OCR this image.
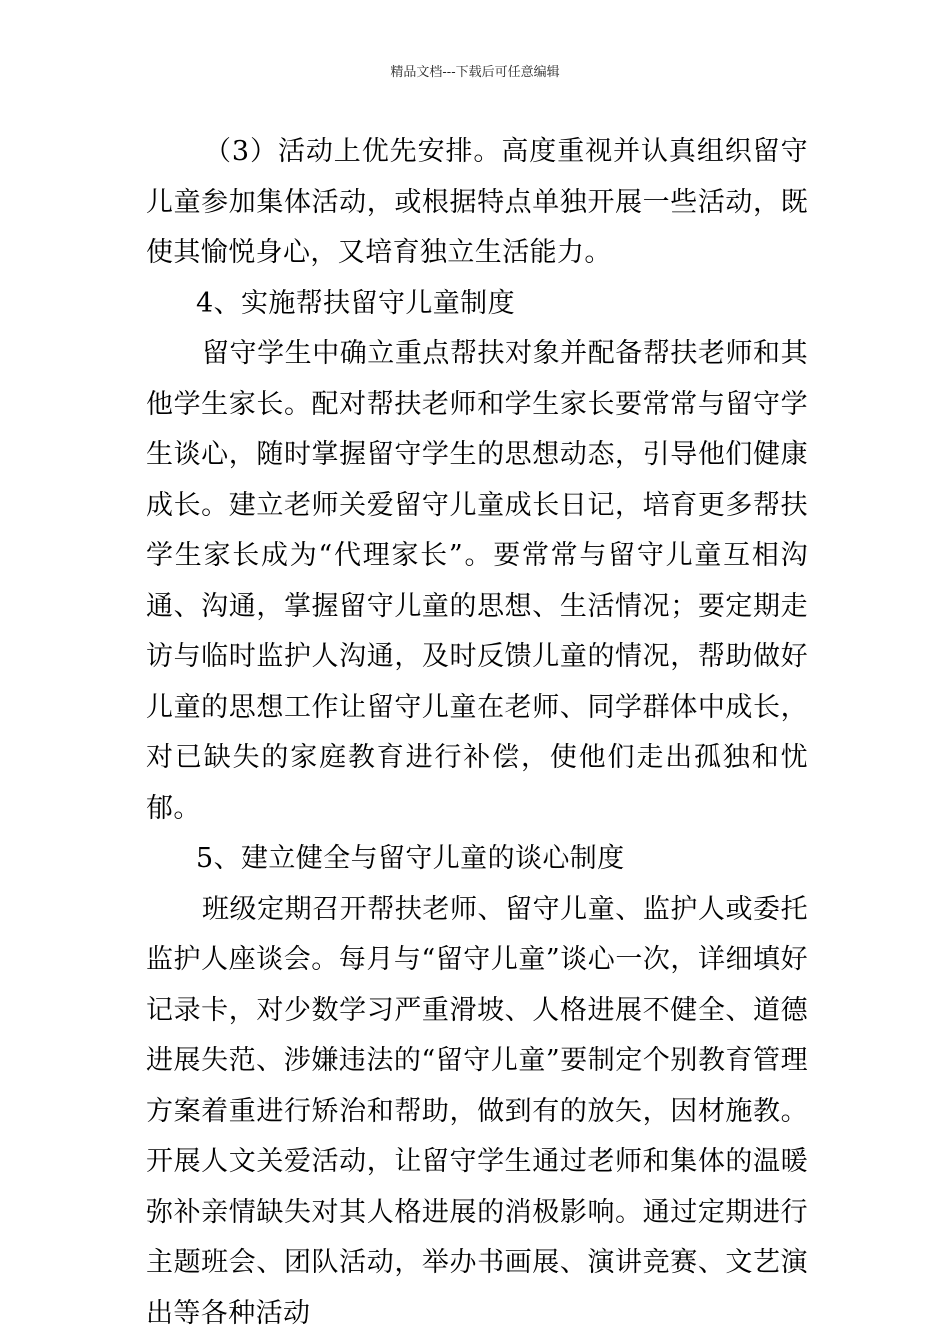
精品文档---下载后可任意编辑

（3）活动上优先安排。高度重视并认真组织留守儿童参加集体活动，或根据特点单独开展一些活动，既使其愉悦身心，又培育独立生活能力。

4、实施帮扶留守儿童制度

留守学生中确立重点帮扶对象并配备帮扶老师和其他学生家长。配对帮扶老师和学生家长要常常与留守学生谈心，随时掌握留守学生的思想动态，引导他们健康成长。建立老师关爱留守儿童成长日记，培育更多帮扶学生家长成为“代理家长”。要常常与留守儿童互相沟通、沟通，掌握留守儿童的思想、生活情况；要定期走访与临时监护人沟通，及时反馈儿童的情况，帮助做好儿童的思想工作让留守儿童在老师、同学群体中成长，对已缺失的家庭教育进行补偿，使他们走出孤独和忧郁。

5、建立健全与留守儿童的谈心制度

班级定期召开帮扶老师、留守儿童、监护人或委托监护人座谈会。每月与“留守儿童”谈心一次，详细填好记录卡，对少数学习严重滑坡、人格进展不健全、道德进展失范、涉嫌违法的“留守儿童”要制定个别教育管理方案着重进行矫治和帮助，做到有的放矢，因材施教。开展人文关爱活动，让留守学生通过老师和集体的温暖弥补亲情缺失对其人格进展的消极影响。通过定期进行主题班会、团队活动，举办书画展、演讲竞赛、文艺演出等各种活动
